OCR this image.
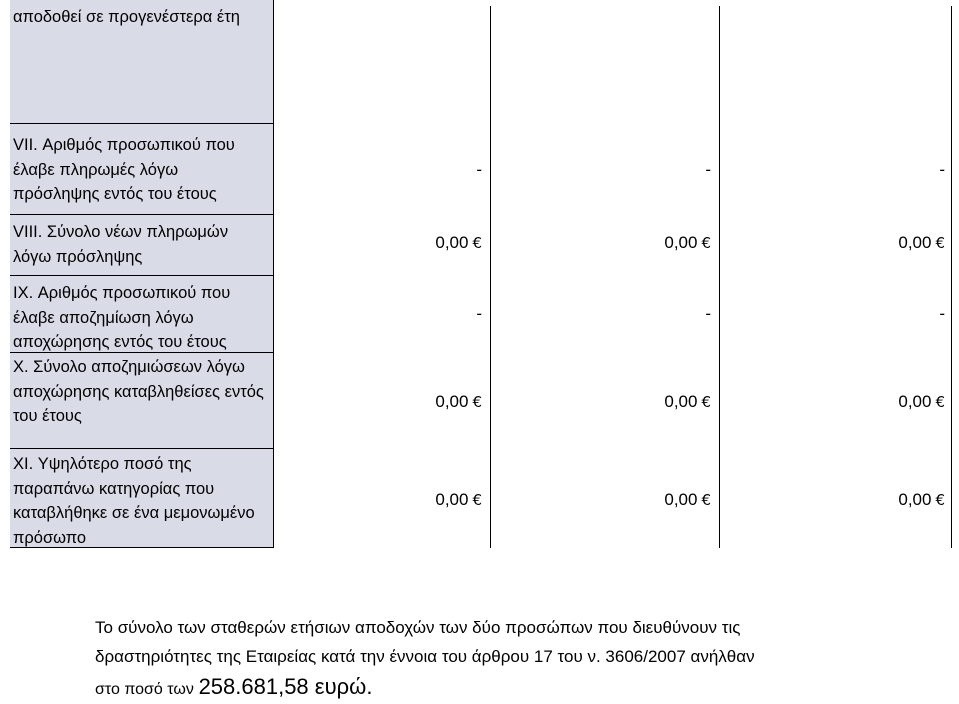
αποδοθεί σε προγενέστερα έτη
VII. Αριθμός προσωπικού που έλαβε πληρωμές λόγω πρόσληψης εντός του έτους
-	-	-
VIII. Σύνολο νέων πληρωμών λόγω πρόσληψης
0,00 €	0,00 €	0,00 €
IX. Αριθμός προσωπικού που έλαβε αποζημίωση λόγω αποχώρησης εντός του έτους
-	-	-
X. Σύνολο αποζημιώσεων λόγω αποχώρησης καταβληθείσες εντός του έτους
0,00 €	0,00 €	0,00 €
XI. Υψηλότερο ποσό της παραπάνω κατηγορίας που καταβλήθηκε σε ένα μεμονωμένο πρόσωπο
0,00 €	0,00 €	0,00 €
Το σύνολο των σταθερών ετήσιων αποδοχών των δύο προσώπων που διευθύνουν τις
δραστηριότητες της Εταιρείας κατά την έννοια του άρθρου 17 του ν. 3606/2007 ανήλθαν
στο ποσό των 258.681,58 ευρώ.
